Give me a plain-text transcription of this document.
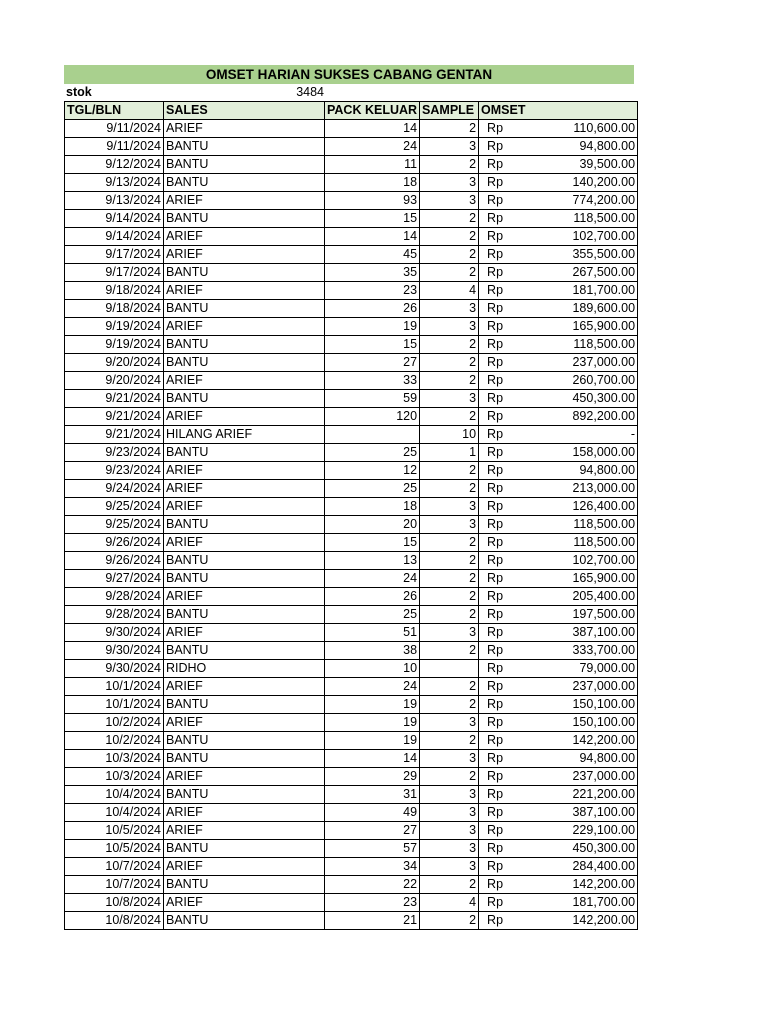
OMSET HARIAN SUKSES CABANG GENTAN
stok	3484
TGL/BLN	SALES	PACK KELUAR	SAMPLE	OMSET
9/11/2024	ARIEF	14	2	Rp 110,600.00

9/11/2024	BANTU	24	3	Rp 94,800.00

9/12/2024	BANTU	11	2	Rp 39,500.00

9/13/2024	BANTU	18	3	Rp 140,200.00

9/13/2024	ARIEF	93	3	Rp 774,200.00

9/14/2024	BANTU	15	2	Rp 118,500.00

9/14/2024	ARIEF	14	2	Rp 102,700.00

9/17/2024	ARIEF	45	2	Rp 355,500.00

9/17/2024	BANTU	35	2	Rp 267,500.00

9/18/2024	ARIEF	23	4	Rp 181,700.00

9/18/2024	BANTU	26	3	Rp 189,600.00

9/19/2024	ARIEF	19	3	Rp 165,900.00

9/19/2024	BANTU	15	2	Rp 118,500.00

9/20/2024	BANTU	27	2	Rp 237,000.00

9/20/2024	ARIEF	33	2	Rp 260,700.00

9/21/2024	BANTU	59	3	Rp 450,300.00

9/21/2024	ARIEF	120	2	Rp 892,200.00

9/21/2024	HILANG ARIEF		10	Rp -

9/23/2024	BANTU	25	1	Rp 158,000.00

9/23/2024	ARIEF	12	2	Rp 94,800.00

9/24/2024	ARIEF	25	2	Rp 213,000.00

9/25/2024	ARIEF	18	3	Rp 126,400.00

9/25/2024	BANTU	20	3	Rp 118,500.00

9/26/2024	ARIEF	15	2	Rp 118,500.00

9/26/2024	BANTU	13	2	Rp 102,700.00

9/27/2024	BANTU	24	2	Rp 165,900.00

9/28/2024	ARIEF	26	2	Rp 205,400.00

9/28/2024	BANTU	25	2	Rp 197,500.00

9/30/2024	ARIEF	51	3	Rp 387,100.00

9/30/2024	BANTU	38	2	Rp 333,700.00

9/30/2024	RIDHO	10		Rp 79,000.00

10/1/2024	ARIEF	24	2	Rp 237,000.00

10/1/2024	BANTU	19	2	Rp 150,100.00

10/2/2024	ARIEF	19	3	Rp 150,100.00

10/2/2024	BANTU	19	2	Rp 142,200.00

10/3/2024	BANTU	14	3	Rp 94,800.00

10/3/2024	ARIEF	29	2	Rp 237,000.00

10/4/2024	BANTU	31	3	Rp 221,200.00

10/4/2024	ARIEF	49	3	Rp 387,100.00

10/5/2024	ARIEF	27	3	Rp 229,100.00

10/5/2024	BANTU	57	3	Rp 450,300.00

10/7/2024	ARIEF	34	3	Rp 284,400.00

10/7/2024	BANTU	22	2	Rp 142,200.00

10/8/2024	ARIEF	23	4	Rp 181,700.00

10/8/2024	BANTU	21	2	Rp 142,200.00
